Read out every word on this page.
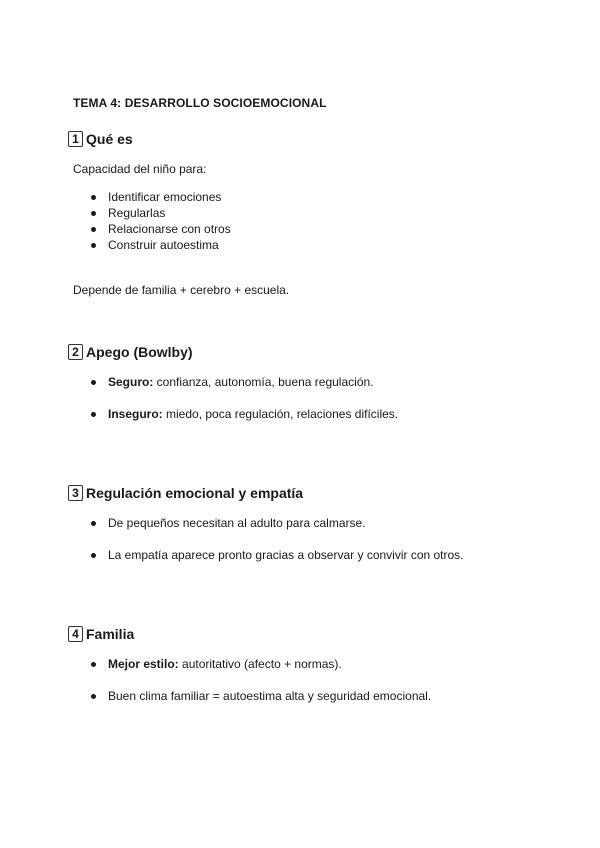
TEMA 4: DESARROLLO SOCIOEMOCIONAL
1 Qué es
Capacidad del niño para:
Identificar emociones
Regularlas
Relacionarse con otros
Construir autoestima
Depende de familia + cerebro + escuela.
2 Apego (Bowlby)
Seguro: confianza, autonomía, buena regulación.
Inseguro: miedo, poca regulación, relaciones difíciles.
3 Regulación emocional y empatía
De pequeños necesitan al adulto para calmarse.
La empatía aparece pronto gracias a observar y convivir con otros.
4 Familia
Mejor estilo: autoritativo (afecto + normas).
Buen clima familiar = autoestima alta y seguridad emocional.
